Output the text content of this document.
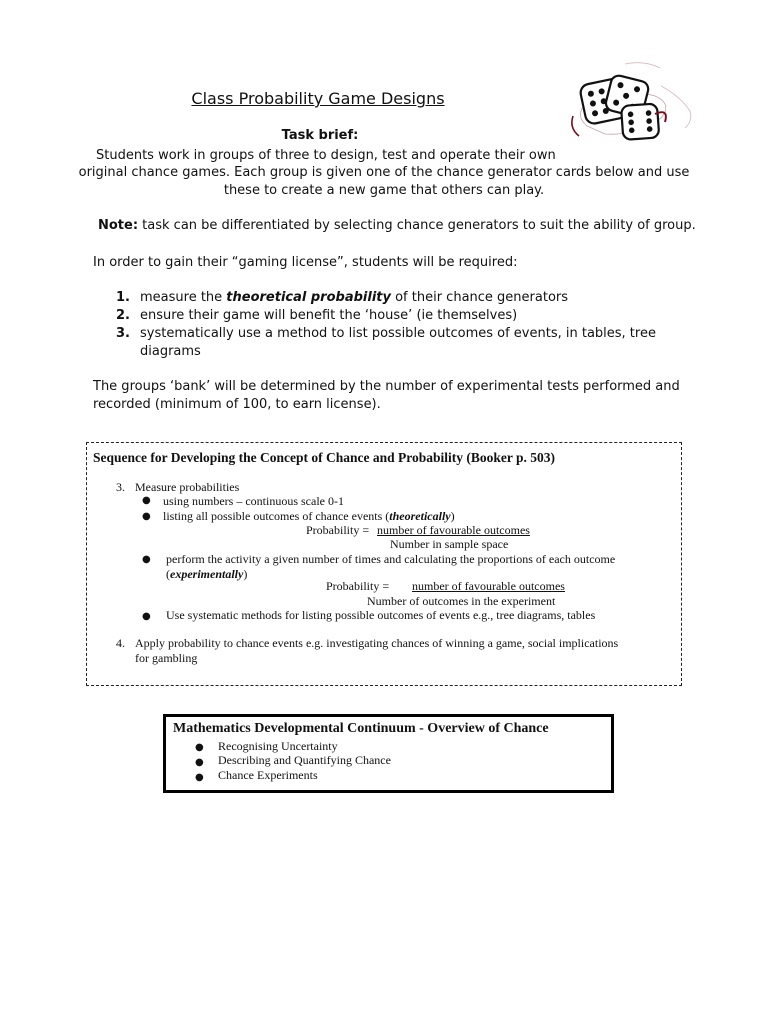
Class Probability Game Designs
Task brief:
Students work in groups of three to design, test and operate their own
original chance games. Each group is given one of the chance generator cards below and use
these to create a new game that others can play.
Note: task can be differentiated by selecting chance generators to suit the ability of group.
In order to gain their “gaming license”, students will be required:
1. measure the theoretical probability of their chance generators
2. ensure their game will benefit the ‘house’ (ie themselves)
3. systematically use a method to list possible outcomes of events, in tables, tree
diagrams
The groups ‘bank’ will be determined by the number of experimental tests performed and
recorded (minimum of 100, to earn license).
Sequence for Developing the Concept of Chance and Probability (Booker p. 503)
3. Measure probabilities
● using numbers – continuous scale 0-1
● listing all possible outcomes of chance events (theoretically)
Probability = number of favourable outcomes
Number in sample space
● perform the activity a given number of times and calculating the proportions of each outcome
(experimentally)
Probability = number of favourable outcomes
Number of outcomes in the experiment
● Use systematic methods for listing possible outcomes of events e.g., tree diagrams, tables
4. Apply probability to chance events e.g. investigating chances of winning a game, social implications
for gambling
Mathematics Developmental Continuum - Overview of Chance
● Recognising Uncertainty
● Describing and Quantifying Chance
● Chance Experiments
